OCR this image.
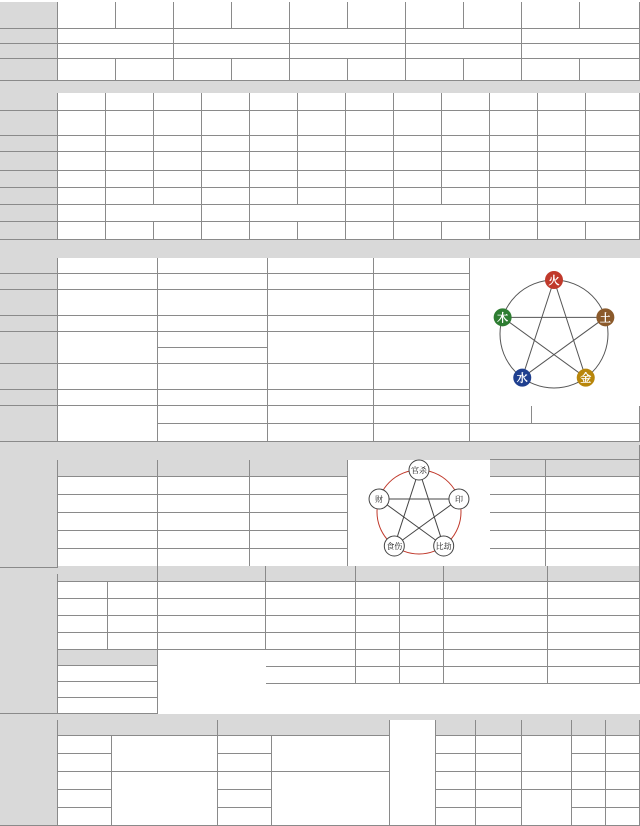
火
土
金
水
木
官杀
印
比劫
食伤
财
